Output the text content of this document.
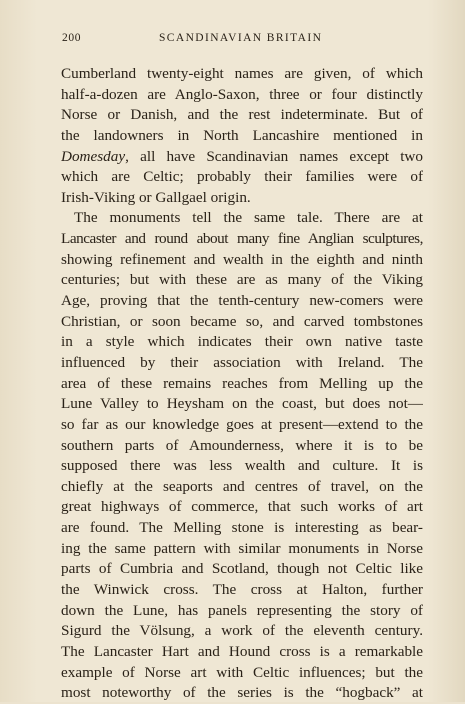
200	SCANDINAVIAN BRITAIN
Cumberland twenty-eight names are given, of which
half-a-dozen are Anglo-Saxon, three or four distinctly
Norse or Danish, and the rest indeterminate. But of
the landowners in North Lancashire mentioned in
Domesday, all have Scandinavian names except two
which are Celtic; probably their families were of
Irish-Viking or Gallgael origin.
The monuments tell the same tale. There are at
Lancaster and round about many fine Anglian sculptures,
showing refinement and wealth in the eighth and ninth
centuries; but with these are as many of the Viking
Age, proving that the tenth-century new-comers were
Christian, or soon became so, and carved tombstones
in a style which indicates their own native taste
influenced by their association with Ireland. The
area of these remains reaches from Melling up the
Lune Valley to Heysham on the coast, but does not—
so far as our knowledge goes at present—extend to the
southern parts of Amounderness, where it is to be
supposed there was less wealth and culture. It is
chiefly at the seaports and centres of travel, on the
great highways of commerce, that such works of art
are found. The Melling stone is interesting as bear-
ing the same pattern with similar monuments in Norse
parts of Cumbria and Scotland, though not Celtic like
the Winwick cross. The cross at Halton, further
down the Lune, has panels representing the story of
Sigurd the Völsung, a work of the eleventh century.
The Lancaster Hart and Hound cross is a remarkable
example of Norse art with Celtic influences; but the
most noteworthy of the series is the “hogback” at
